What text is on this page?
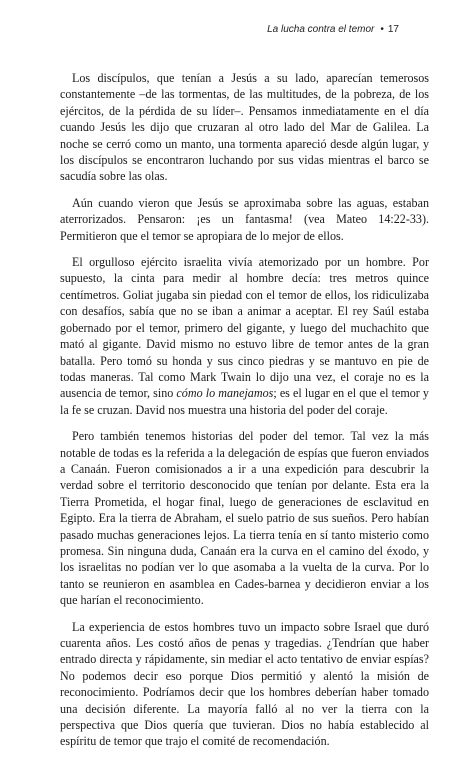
La lucha contra el temor • 17

Los discípulos, que tenían a Jesús a su lado, aparecían temerosos constantemente –de las tormentas, de las multitudes, de la pobreza, de los ejércitos, de la pérdida de su líder–. Pensamos inmediatamente en el día cuando Jesús les dijo que cruzaran al otro lado del Mar de Galilea. La noche se cerró como un manto, una tormenta apareció desde algún lugar, y los discípulos se encontraron luchando por sus vidas mientras el barco se sacudía sobre las olas.

Aún cuando vieron que Jesús se aproximaba sobre las aguas, estaban aterrorizados. Pensaron: ¡es un fantasma! (vea Mateo 14:22-33). Permitieron que el temor se apropiara de lo mejor de ellos.

El orgulloso ejército israelita vivía atemorizado por un hombre. Por supuesto, la cinta para medir al hombre decía: tres metros quince centímetros. Goliat jugaba sin piedad con el temor de ellos, los ridiculizaba con desafíos, sabía que no se iban a animar a aceptar. El rey Saúl estaba gobernado por el temor, primero del gigante, y luego del muchachito que mató al gigante. David mismo no estuvo libre de temor antes de la gran batalla. Pero tomó su honda y sus cinco piedras y se mantuvo en pie de todas maneras. Tal como Mark Twain lo dijo una vez, el coraje no es la ausencia de temor, sino cómo lo manejamos; es el lugar en el que el temor y la fe se cruzan. David nos muestra una historia del poder del coraje.

Pero también tenemos historias del poder del temor. Tal vez la más notable de todas es la referida a la delegación de espías que fueron enviados a Canaán. Fueron comisionados a ir a una expedición para descubrir la verdad sobre el territorio desconocido que tenían por delante. Esta era la Tierra Prometida, el hogar final, luego de generaciones de esclavitud en Egipto. Era la tierra de Abraham, el suelo patrio de sus sueños. Pero habían pasado muchas generaciones lejos. La tierra tenía en sí tanto misterio como promesa. Sin ninguna duda, Canaán era la curva en el camino del éxodo, y los israelitas no podían ver lo que asomaba a la vuelta de la curva. Por lo tanto se reunieron en asamblea en Cades-barnea y decidieron enviar a los que harían el reconocimiento.

La experiencia de estos hombres tuvo un impacto sobre Israel que duró cuarenta años. Les costó años de penas y tragedias. ¿Tendrían que haber entrado directa y rápidamente, sin mediar el acto tentativo de enviar espías? No podemos decir eso porque Dios permitió y alentó la misión de reconocimiento. Podríamos decir que los hombres deberían haber tomado una decisión diferente. La mayoría falló al no ver la tierra con la perspectiva que Dios quería que tuvieran. Dios no había establecido al espíritu de temor que trajo el comité de recomendación.
